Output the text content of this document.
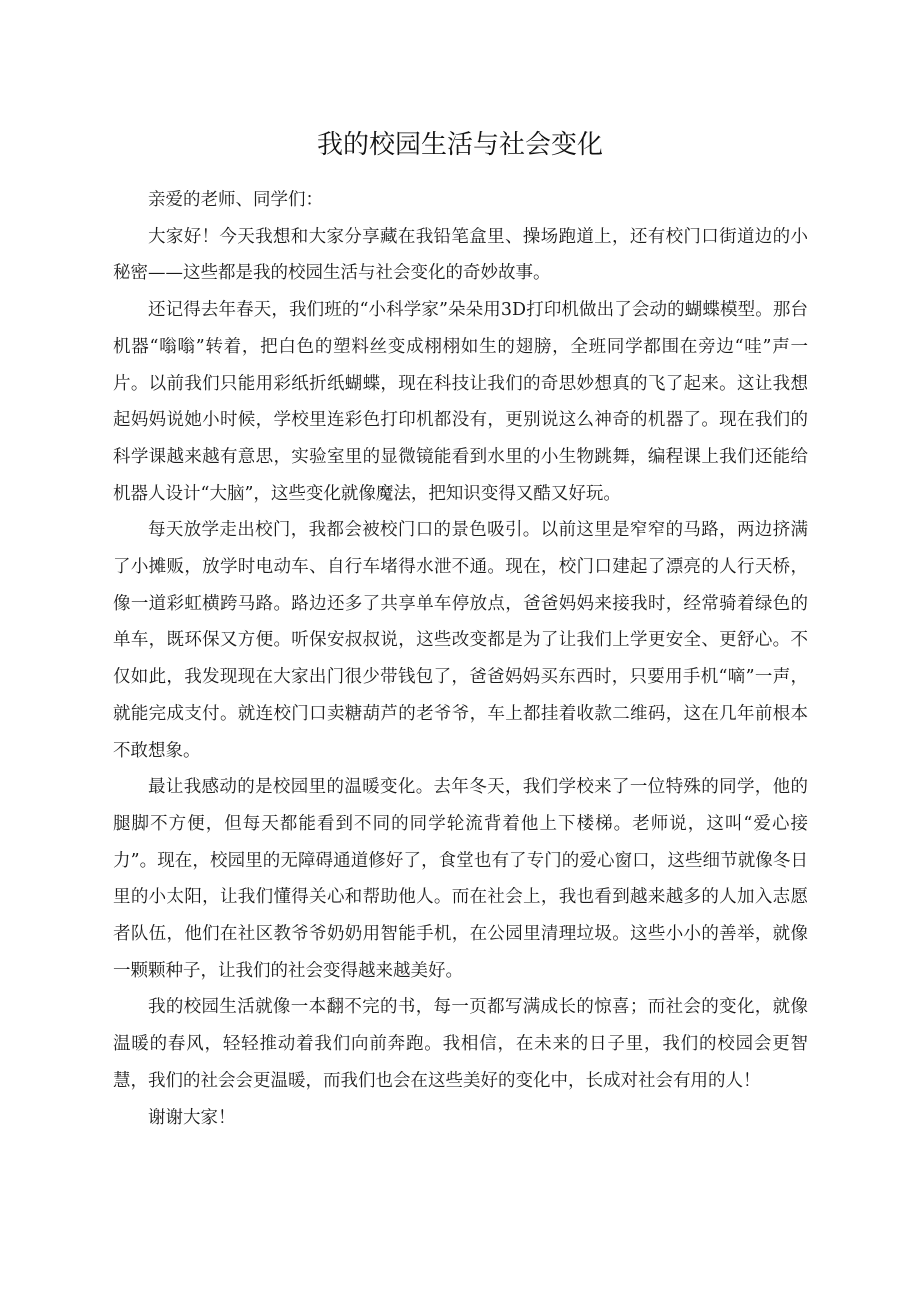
我的校园生活与社会变化

亲爱的老师、同学们：

大家好！今天我想和大家分享藏在我铅笔盒里、操场跑道上，还有校门口街道边的小秘密——这些都是我的校园生活与社会变化的奇妙故事。

还记得去年春天，我们班的“小科学家”朵朵用3D打印机做出了会动的蝴蝶模型。那台机器“嗡嗡”转着，把白色的塑料丝变成栩栩如生的翅膀，全班同学都围在旁边“哇”声一片。以前我们只能用彩纸折纸蝴蝶，现在科技让我们的奇思妙想真的飞了起来。这让我想起妈妈说她小时候，学校里连彩色打印机都没有，更别说这么神奇的机器了。现在我们的科学课越来越有意思，实验室里的显微镜能看到水里的小生物跳舞，编程课上我们还能给机器人设计“大脑”，这些变化就像魔法，把知识变得又酷又好玩。

每天放学走出校门，我都会被校门口的景色吸引。以前这里是窄窄的马路，两边挤满了小摊贩，放学时电动车、自行车堵得水泄不通。现在，校门口建起了漂亮的人行天桥，像一道彩虹横跨马路。路边还多了共享单车停放点，爸爸妈妈来接我时，经常骑着绿色的单车，既环保又方便。听保安叔叔说，这些改变都是为了让我们上学更安全、更舒心。不仅如此，我发现现在大家出门很少带钱包了，爸爸妈妈买东西时，只要用手机“嘀”一声，就能完成支付。就连校门口卖糖葫芦的老爷爷，车上都挂着收款二维码，这在几年前根本不敢想象。

最让我感动的是校园里的温暖变化。去年冬天，我们学校来了一位特殊的同学，他的腿脚不方便，但每天都能看到不同的同学轮流背着他上下楼梯。老师说，这叫“爱心接力”。现在，校园里的无障碍通道修好了，食堂也有了专门的爱心窗口，这些细节就像冬日里的小太阳，让我们懂得关心和帮助他人。而在社会上，我也看到越来越多的人加入志愿者队伍，他们在社区教爷爷奶奶用智能手机，在公园里清理垃圾。这些小小的善举，就像一颗颗种子，让我们的社会变得越来越美好。

我的校园生活就像一本翻不完的书，每一页都写满成长的惊喜；而社会的变化，就像温暖的春风，轻轻推动着我们向前奔跑。我相信，在未来的日子里，我们的校园会更智慧，我们的社会会更温暖，而我们也会在这些美好的变化中，长成对社会有用的人！

谢谢大家！
